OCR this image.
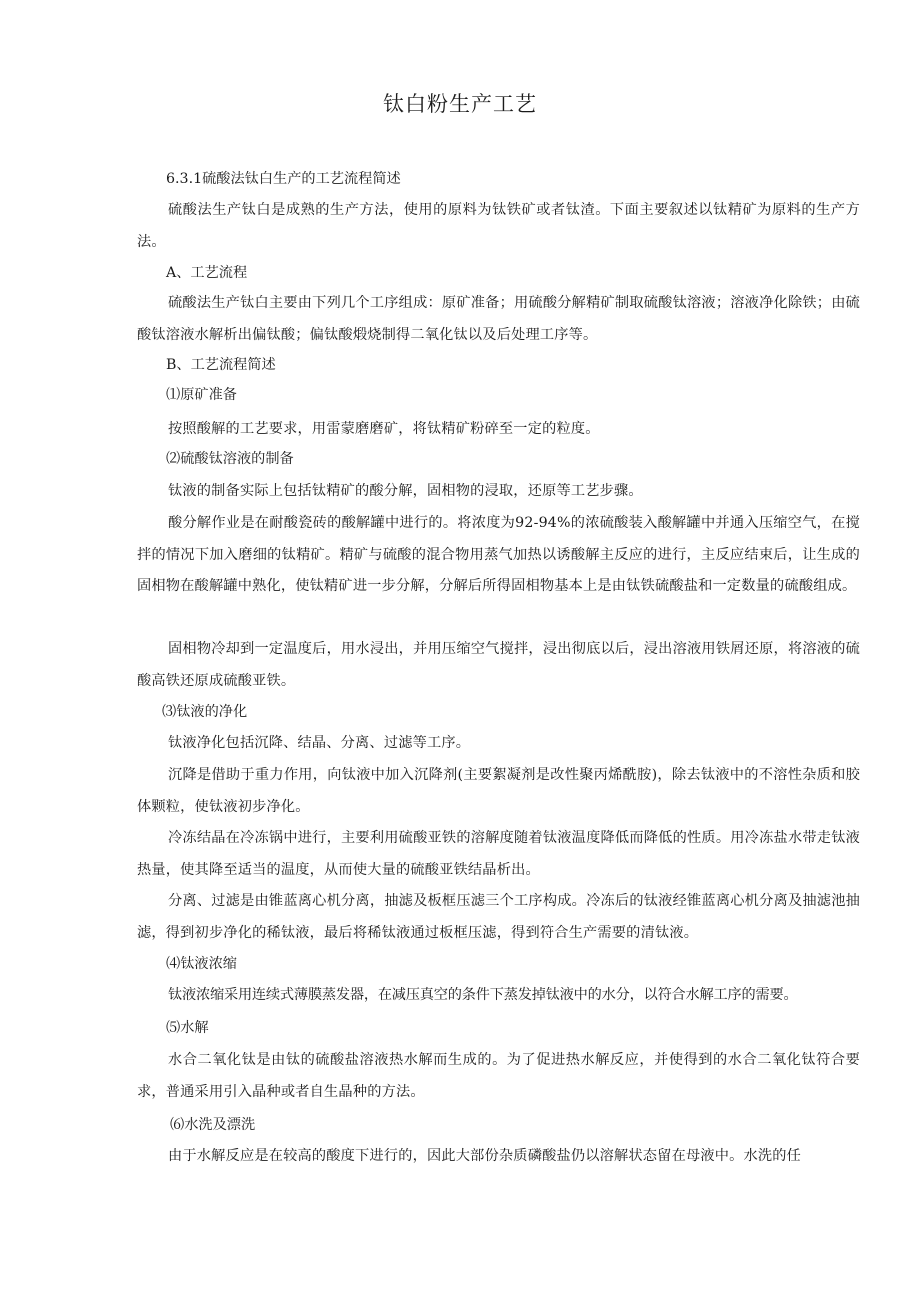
钛白粉生产工艺

6.3.1硫酸法钛白生产的工艺流程简述

硫酸法生产钛白是成熟的生产方法，使用的原料为钛铁矿或者钛渣。下面主要叙述以钛精矿为原料的生产方法。

A、工艺流程

硫酸法生产钛白主要由下列几个工序组成：原矿准备；用硫酸分解精矿制取硫酸钛溶液；溶液净化除铁；由硫酸钛溶液水解析出偏钛酸；偏钛酸煅烧制得二氧化钛以及后处理工序等。

B、工艺流程简述

⑴原矿准备

按照酸解的工艺要求，用雷蒙磨磨矿，将钛精矿粉碎至一定的粒度。

⑵硫酸钛溶液的制备

钛液的制备实际上包括钛精矿的酸分解，固相物的浸取，还原等工艺步骤。

酸分解作业是在耐酸瓷砖的酸解罐中进行的。将浓度为92-94%的浓硫酸装入酸解罐中并通入压缩空气，在搅拌的情况下加入磨细的钛精矿。精矿与硫酸的混合物用蒸气加热以诱酸解主反应的进行，主反应结束后，让生成的固相物在酸解罐中熟化，使钛精矿进一步分解，分解后所得固相物基本上是由钛铁硫酸盐和一定数量的硫酸组成。

固相物冷却到一定温度后，用水浸出，并用压缩空气搅拌，浸出彻底以后，浸出溶液用铁屑还原，将溶液的硫酸高铁还原成硫酸亚铁。

⑶钛液的净化

钛液净化包括沉降、结晶、分离、过滤等工序。

沉降是借助于重力作用，向钛液中加入沉降剂(主要絮凝剂是改性聚丙烯酰胺)，除去钛液中的不溶性杂质和胶体颗粒，使钛液初步净化。

冷冻结晶在冷冻锅中进行，主要利用硫酸亚铁的溶解度随着钛液温度降低而降低的性质。用冷冻盐水带走钛液热量，使其降至适当的温度，从而使大量的硫酸亚铁结晶析出。

分离、过滤是由锥蓝离心机分离，抽滤及板框压滤三个工序构成。冷冻后的钛液经锥蓝离心机分离及抽滤池抽滤，得到初步净化的稀钛液，最后将稀钛液通过板框压滤，得到符合生产需要的清钛液。

⑷钛液浓缩

钛液浓缩采用连续式薄膜蒸发器，在减压真空的条件下蒸发掉钛液中的水分，以符合水解工序的需要。

⑸水解

水合二氧化钛是由钛的硫酸盐溶液热水解而生成的。为了促进热水解反应，并使得到的水合二氧化钛符合要求，普通采用引入晶种或者自生晶种的方法。

⑹水洗及漂洗

由于水解反应是在较高的酸度下进行的，因此大部份杂质磷酸盐仍以溶解状态留在母液中。水洗的任
